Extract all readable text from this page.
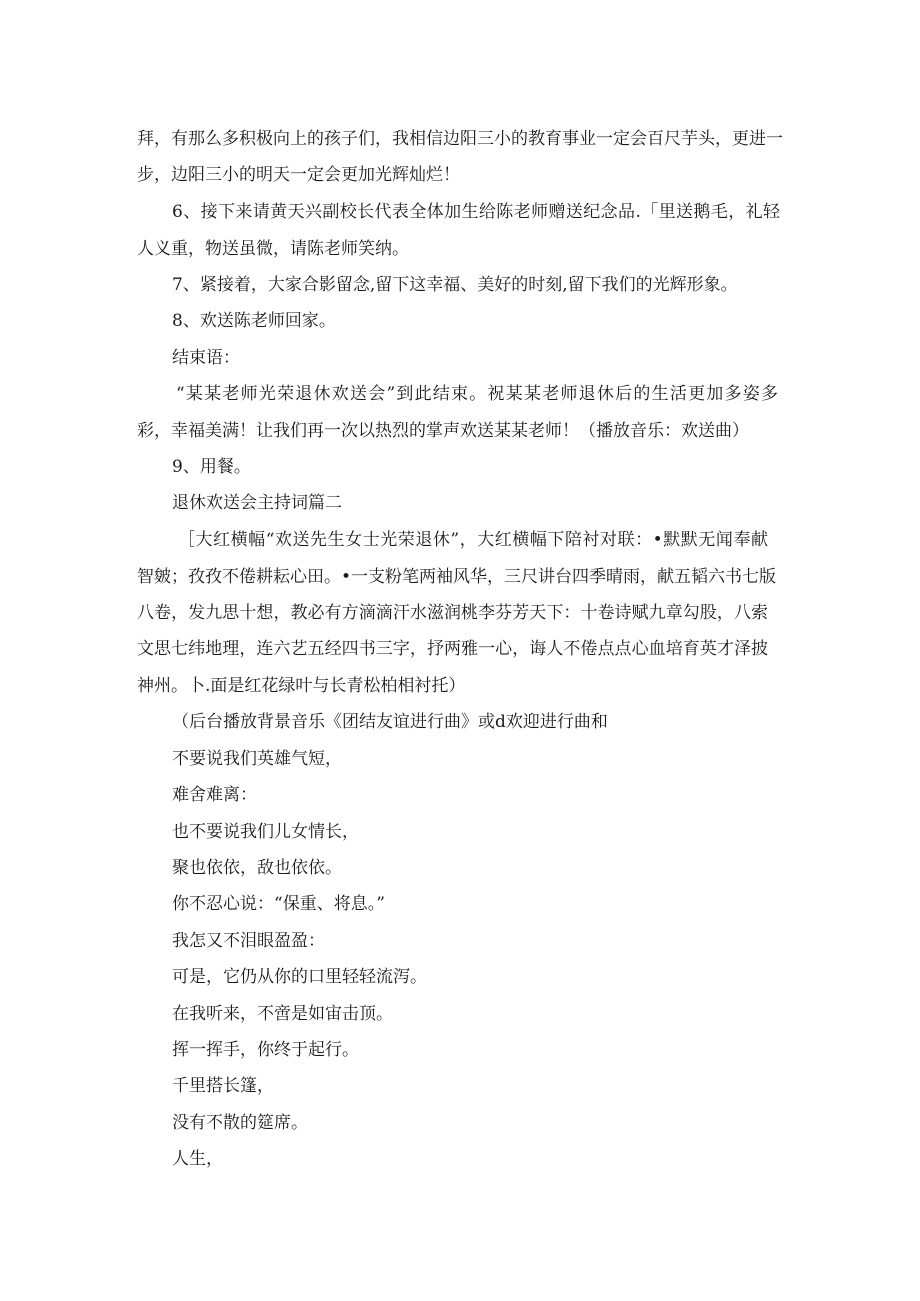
拜，有那么多积极向上的孩子们，我相信边阳三小的教育事业一定会百尺芋头，更进一
步，边阳三小的明天一定会更加光辉灿烂！
6、接下来请黄天兴副校长代表全体加生给陈老师赠送纪念品.「里送鹅毛，礼轻
人义重，物送虽微，请陈老师笑纳。
7、紧接着，大家合影留念,留下这幸福、美好的时刻,留下我们的光辉形象。
8、欢送陈老师回家。
结束语：
“某某老师光荣退休欢送会”到此结束。祝某某老师退休后的生活更加多姿多
彩，幸福美满！让我们再一次以热烈的掌声欢送某某老师！（播放音乐：欢送曲）
9、用餐。
退休欢送会主持词篇二
［大红横幅“欢送先生女士光荣退休”，大红横幅下陪衬对联：•默默无闻奉献
智皴；孜孜不倦耕耘心田。•一支粉笔两袖风华，三尺讲台四季晴雨，献五韬六书七版
八卷，发九思十想，教必有方滴滴汗水滋润桃李芬芳天下：十卷诗赋九章勾股，八索
文思七纬地理，连六艺五经四书三字，抒两雅一心，诲人不倦点点心血培育英才泽披
神州。卜.面是红花绿叶与长青松柏相衬托）
（后台播放背景音乐《团结友谊进行曲》或d欢迎进行曲和
不要说我们英雄气短，
难舍难离：
也不要说我们儿女情长，
聚也依依，敌也依依。
你不忍心说：“保重、将息。”
我怎又不泪眼盈盈：
可是，它仍从你的口里轻轻流泻。
在我听来，不啻是如宙击顶。
挥一挥手，你终于起行。
千里搭长篷，
没有不散的筵席。
人生，
